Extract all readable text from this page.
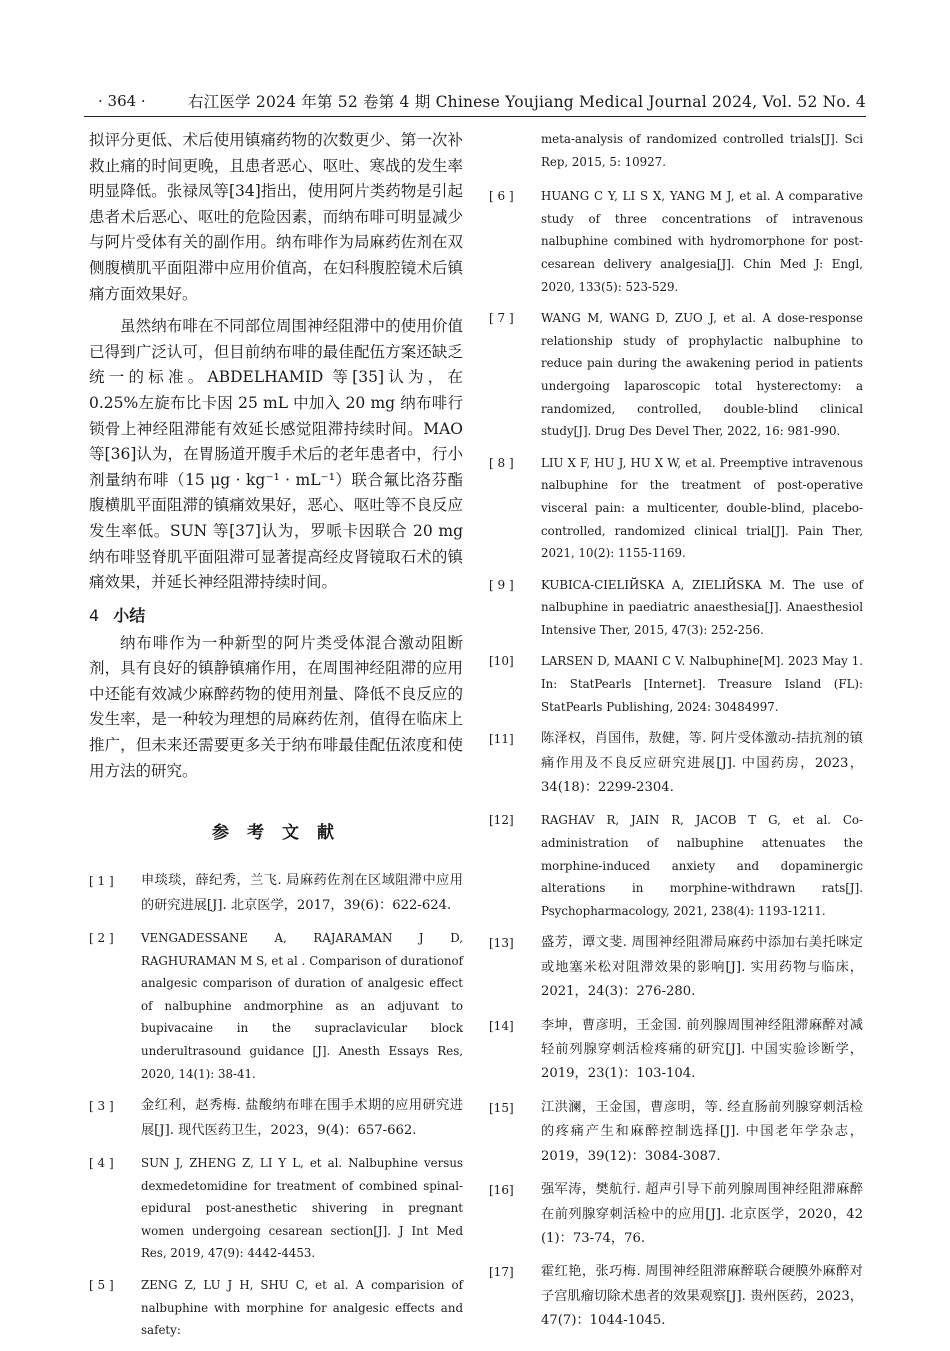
· 364 ·	右江医学 2024 年第 52 卷第 4 期 Chinese Youjiang Medical Journal 2024, Vol. 52 No. 4

拟评分更低、术后使用镇痛药物的次数更少、第一次补救止痛的时间更晚，且患者恶心、呕吐、寒战的发生率明显降低。张禄凤等[34]指出，使用阿片类药物是引起患者术后恶心、呕吐的危险因素，而纳布啡可明显减少与阿片受体有关的副作用。纳布啡作为局麻药佐剂在双侧腹横肌平面阻滞中应用价值高，在妇科腹腔镜术后镇痛方面效果好。

虽然纳布啡在不同部位周围神经阻滞中的使用价值已得到广泛认可，但目前纳布啡的最佳配伍方案还缺乏统一的标准。ABDELHAMID 等[35]认为，在 0.25%左旋布比卡因 25 mL 中加入 20 mg 纳布啡行锁骨上神经阻滞能有效延长感觉阻滞持续时间。MAO 等[36]认为，在胃肠道开腹手术后的老年患者中，行小剂量纳布啡（15 μg · kg⁻¹ · mL⁻¹）联合氟比洛芬酯腹横肌平面阻滞的镇痛效果好，恶心、呕吐等不良反应发生率低。SUN 等[37]认为，罗哌卡因联合 20 mg 纳布啡竖脊肌平面阻滞可显著提高经皮肾镜取石术的镇痛效果，并延长神经阻滞持续时间。

4 小结

纳布啡作为一种新型的阿片类受体混合激动阻断剂，具有良好的镇静镇痛作用，在周围神经阻滞的应用中还能有效减少麻醉药物的使用剂量、降低不良反应的发生率，是一种较为理想的局麻药佐剂，值得在临床上推广，但未来还需要更多关于纳布啡最佳配伍浓度和使用方法的研究。

参考文献
[ 1 ]	申琰琰，薛纪秀，兰飞. 局麻药佐剂在区域阻滞中应用的研究进展[J]. 北京医学，2017，39(6)：622-624.
[ 2 ]	VENGADESSANE A, RAJARAMAN J D, RAGHURAMAN M S, et al . Comparison of durationof analgesic comparison of duration of analgesic effect of nalbuphine andmorphine as an adjuvant to bupivacaine in the supraclavicular block underultrasound guidance [J]. Anesth Essays Res, 2020, 14(1): 38-41.
[ 3 ]	金红利，赵秀梅. 盐酸纳布啡在围手术期的应用研究进展[J]. 现代医药卫生，2023，9(4)：657-662.
[ 4 ]	SUN J, ZHENG Z, LI Y L, et al. Nalbuphine versus dexmedetomidine for treatment of combined spinal-epidural post-anesthetic shivering in pregnant women undergoing cesarean section[J]. J Int Med Res, 2019, 47(9): 4442-4453.
[ 5 ]	ZENG Z, LU J H, SHU C, et al. A comparision of nalbuphine with morphine for analgesic effects and safety:
meta-analysis of randomized controlled trials[J]. Sci Rep, 2015, 5: 10927.
[ 6 ]	HUANG C Y, LI S X, YANG M J, et al. A comparative study of three concentrations of intravenous nalbuphine combined with hydromorphone for post-cesarean delivery analgesia[J]. Chin Med J: Engl, 2020, 133(5): 523-529.
[ 7 ]	WANG M, WANG D, ZUO J, et al. A dose-response relationship study of prophylactic nalbuphine to reduce pain during the awakening period in patients undergoing laparoscopic total hysterectomy: a randomized, controlled, double-blind clinical study[J]. Drug Des Devel Ther, 2022, 16: 981-990.
[ 8 ]	LIU X F, HU J, HU X W, et al. Preemptive intravenous nalbuphine for the treatment of post-operative visceral pain: a multicenter, double-blind, placebo-controlled, randomized clinical trial[J]. Pain Ther, 2021, 10(2): 1155-1169.
[ 9 ]	KUBICA-CIELIЙSKA A, ZIELIЙSKA M. The use of nalbuphine in paediatric anaesthesia[J]. Anaesthesiol Intensive Ther, 2015, 47(3): 252-256.
[10]	LARSEN D, MAANI C V. Nalbuphine[M]. 2023 May 1. In: StatPearls [Internet]. Treasure Island (FL): StatPearls Publishing, 2024: 30484997.
[11]	陈泽权，肖国伟，敖健，等. 阿片受体激动-拮抗剂的镇痛作用及不良反应研究进展[J]. 中国药房，2023，34(18)：2299-2304.
[12]	RAGHAV R, JAIN R, JACOB T G, et al. Co-administration of nalbuphine attenuates the morphine-induced anxiety and dopaminergic alterations in morphine-withdrawn rats[J]. Psychopharmacology, 2021, 238(4): 1193-1211.
[13]	盛芳，谭文斐. 周围神经阻滞局麻药中添加右美托咪定或地塞米松对阻滞效果的影响[J]. 实用药物与临床，2021，24(3)：276-280.
[14]	李坤，曹彦明，王金国. 前列腺周围神经阻滞麻醉对减轻前列腺穿刺活检疼痛的研究[J]. 中国实验诊断学，2019，23(1)：103-104.
[15]	江洪澜，王金国，曹彦明，等. 经直肠前列腺穿刺活检的疼痛产生和麻醉控制选择[J]. 中国老年学杂志，2019，39(12)：3084-3087.
[16]	强军涛，樊航行. 超声引导下前列腺周围神经阻滞麻醉在前列腺穿刺活检中的应用[J]. 北京医学，2020，42 (1)：73-74，76.
[17]	霍红艳，张巧梅. 周围神经阻滞麻醉联合硬膜外麻醉对子宫肌瘤切除术患者的效果观察[J]. 贵州医药，2023，47(7)：1044-1045.
